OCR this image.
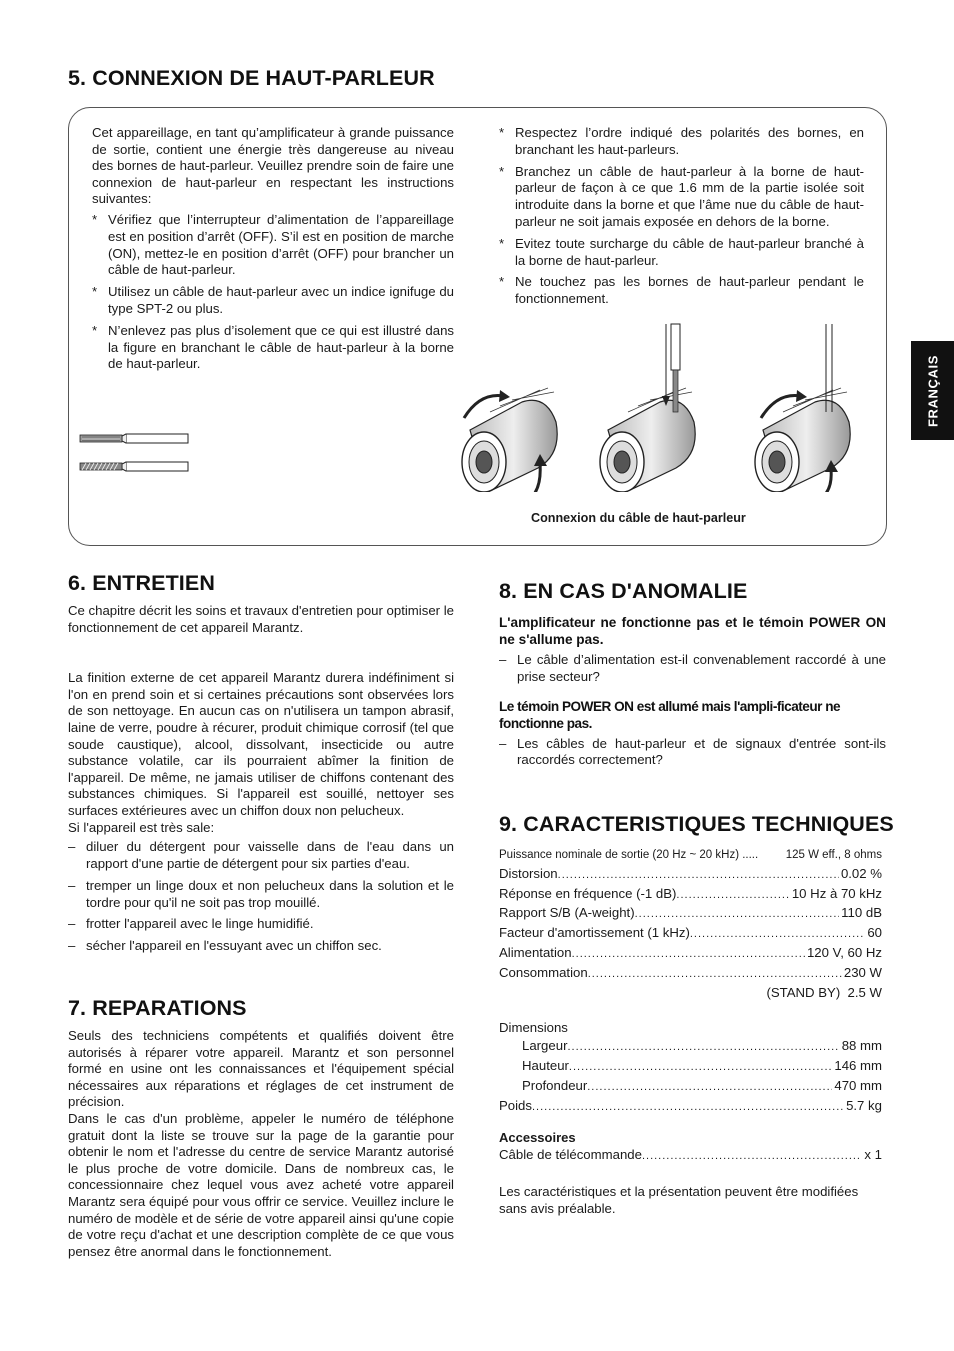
FRANÇAIS
5. CONNEXION DE HAUT-PARLEUR

Cet appareillage, en tant qu’amplificateur à grande puissance de sortie, contient une énergie très dangereuse au niveau des bornes de haut-parleur. Veuillez prendre soin de faire une connexion de haut-parleur en respectant les instructions suivantes:

* Vérifiez que l’interrupteur d’alimentation de l’appareillage est en position d’arrêt (OFF). S’il est en position de marche (ON), mettez-le en position d’arrêt (OFF) pour brancher un câble de haut-parleur.
* Utilisez un câble de haut-parleur avec un indice ignifuge du type SPT-2 ou plus.
* N’enlevez pas plus d’isolement que ce qui est illustré dans la figure en branchant le câble de haut-parleur à la borne de haut-parleur.
* Respectez l’ordre indiqué des polarités des bornes, en branchant les haut-parleurs.
* Branchez un câble de haut-parleur à la borne de haut-parleur de façon à ce que 1.6 mm de la partie isolée soit introduite dans la borne et que l’âme nue du câble de haut-parleur ne soit jamais exposée en dehors de la borne.
* Evitez toute surcharge du câble de haut-parleur branché à la borne de haut-parleur.
* Ne touchez pas les bornes de haut-parleur pendant le fonctionnement.
Connexion du câble de haut-parleur
6. ENTRETIEN

Ce chapitre décrit les soins et travaux d'entretien pour optimiser le fonctionnement de cet appareil Marantz.

La finition externe de cet appareil Marantz durera indéfiniment si l'on en prend soin et si certaines précautions sont observées lors de son nettoyage. En aucun cas on n'utilisera un tampon abrasif, laine de verre, poudre à récurer, produit chimique corrosif (tel que soude caustique), alcool, dissolvant, insecticide ou autre substance volatile, car ils pourraient abîmer la finition de l'appareil. De même, ne jamais utiliser de chiffons contenant des substances chimiques. Si l'appareil est souillé, nettoyer ses surfaces extérieures avec un chiffon doux non pelucheux.

Si l'appareil est très sale:

– diluer du détergent pour vaisselle dans de l'eau dans un rapport d'une partie de détergent pour six parties d'eau.
– tremper un linge doux et non pelucheux dans la solution et le tordre pour qu'il ne soit pas trop mouillé.
– frotter l'appareil avec le linge humidifié.
– sécher l'appareil en l'essuyant avec un chiffon sec.
7. REPARATIONS

Seuls des techniciens compétents et qualifiés doivent être autorisés à réparer votre appareil. Marantz et son personnel formé en usine ont les connaissances et l'équipement spécial nécessaires aux réparations et réglages de cet instrument de précision.

Dans le cas d'un problème, appeler le numéro de téléphone gratuit dont la liste se trouve sur la page de la garantie pour obtenir le nom et l'adresse du centre de service Marantz autorisé le plus proche de votre domicile. Dans de nombreux cas, le concessionnaire chez lequel vous avez acheté votre appareil Marantz sera équipé pour vous offrir ce service. Veuillez inclure le numéro de modèle et de série de votre appareil ainsi qu'une copie de votre reçu d'achat et une description complète de ce que vous pensez être anormal dans le fonctionnement.

8. EN CAS D'ANOMALIE

L'amplificateur ne fonctionne pas et le témoin POWER ON ne s'allume pas.

– Le câble d’alimentation est-il convenablement raccordé à une prise secteur?

Le témoin POWER ON est allumé mais l'ampli-ficateur ne fonctionne pas.

– Les câbles de haut-parleur et de signaux d'entrée sont-ils raccordés correctement?
9. CARACTERISTIQUES TECHNIQUES
Puissance nominale de sortie (20 Hz ~ 20 kHz) ..... 125 W eff., 8 ohms
Distorsion .....	0.02 %
Réponse en fréquence (-1 dB) .....	10 Hz à 70 kHz
Rapport S/B (A-weight) .....	110 dB
Facteur d'amortissement (1 kHz) .....	60
Alimentation .....	120 V, 60 Hz
Consommation .....	230 W
(STAND BY)  2.5 W
Dimensions
Largeur .....	88 mm
Hauteur .....	146 mm
Profondeur .....	470 mm
Poids .....	5.7 kg
Accessoires
Câble de télécommande .....	x 1

Les caractéristiques et la présentation peuvent être modifiées sans avis préalable.
